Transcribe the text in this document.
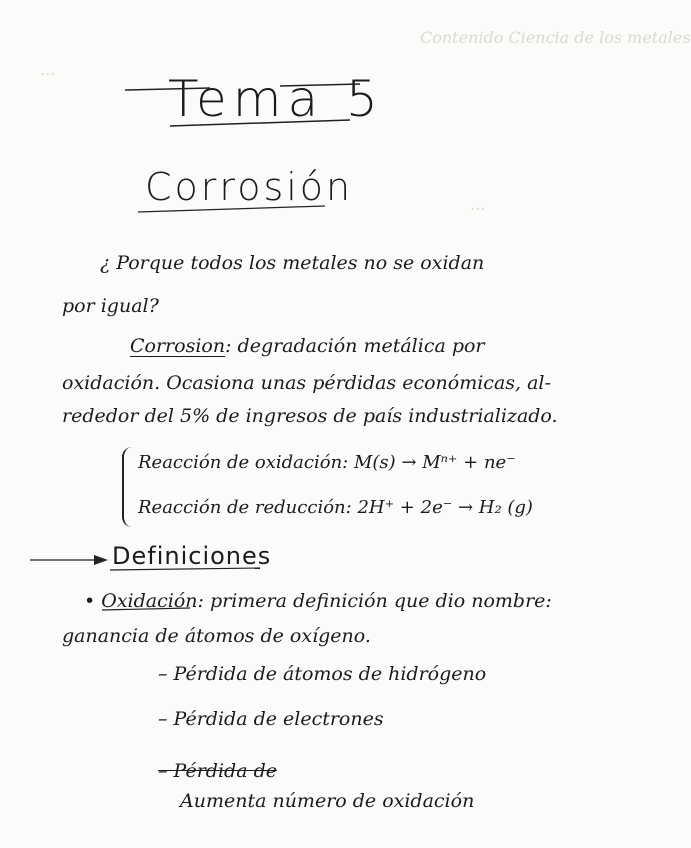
Contenido Ciencia de los metales
...
...
Tema 5
Corrosión
¿ Porque todos los metales no se oxidan
por igual?
Corrosion: degradación metálica por
oxidación. Ocasiona unas pérdidas económicas, al-
rededor del 5% de ingresos de país industrializado.
Reacción de oxidación: M(s) → Mⁿ⁺ + ne⁻
Reacción de reducción: 2H⁺ + 2e⁻ → H₂ (g)
Definiciones
• Oxidación: primera definición que dio nombre:
ganancia de átomos de oxígeno.
– Pérdida de átomos de hidrógeno
– Pérdida de electrones
– Pérdida de
Aumenta número de oxidación
